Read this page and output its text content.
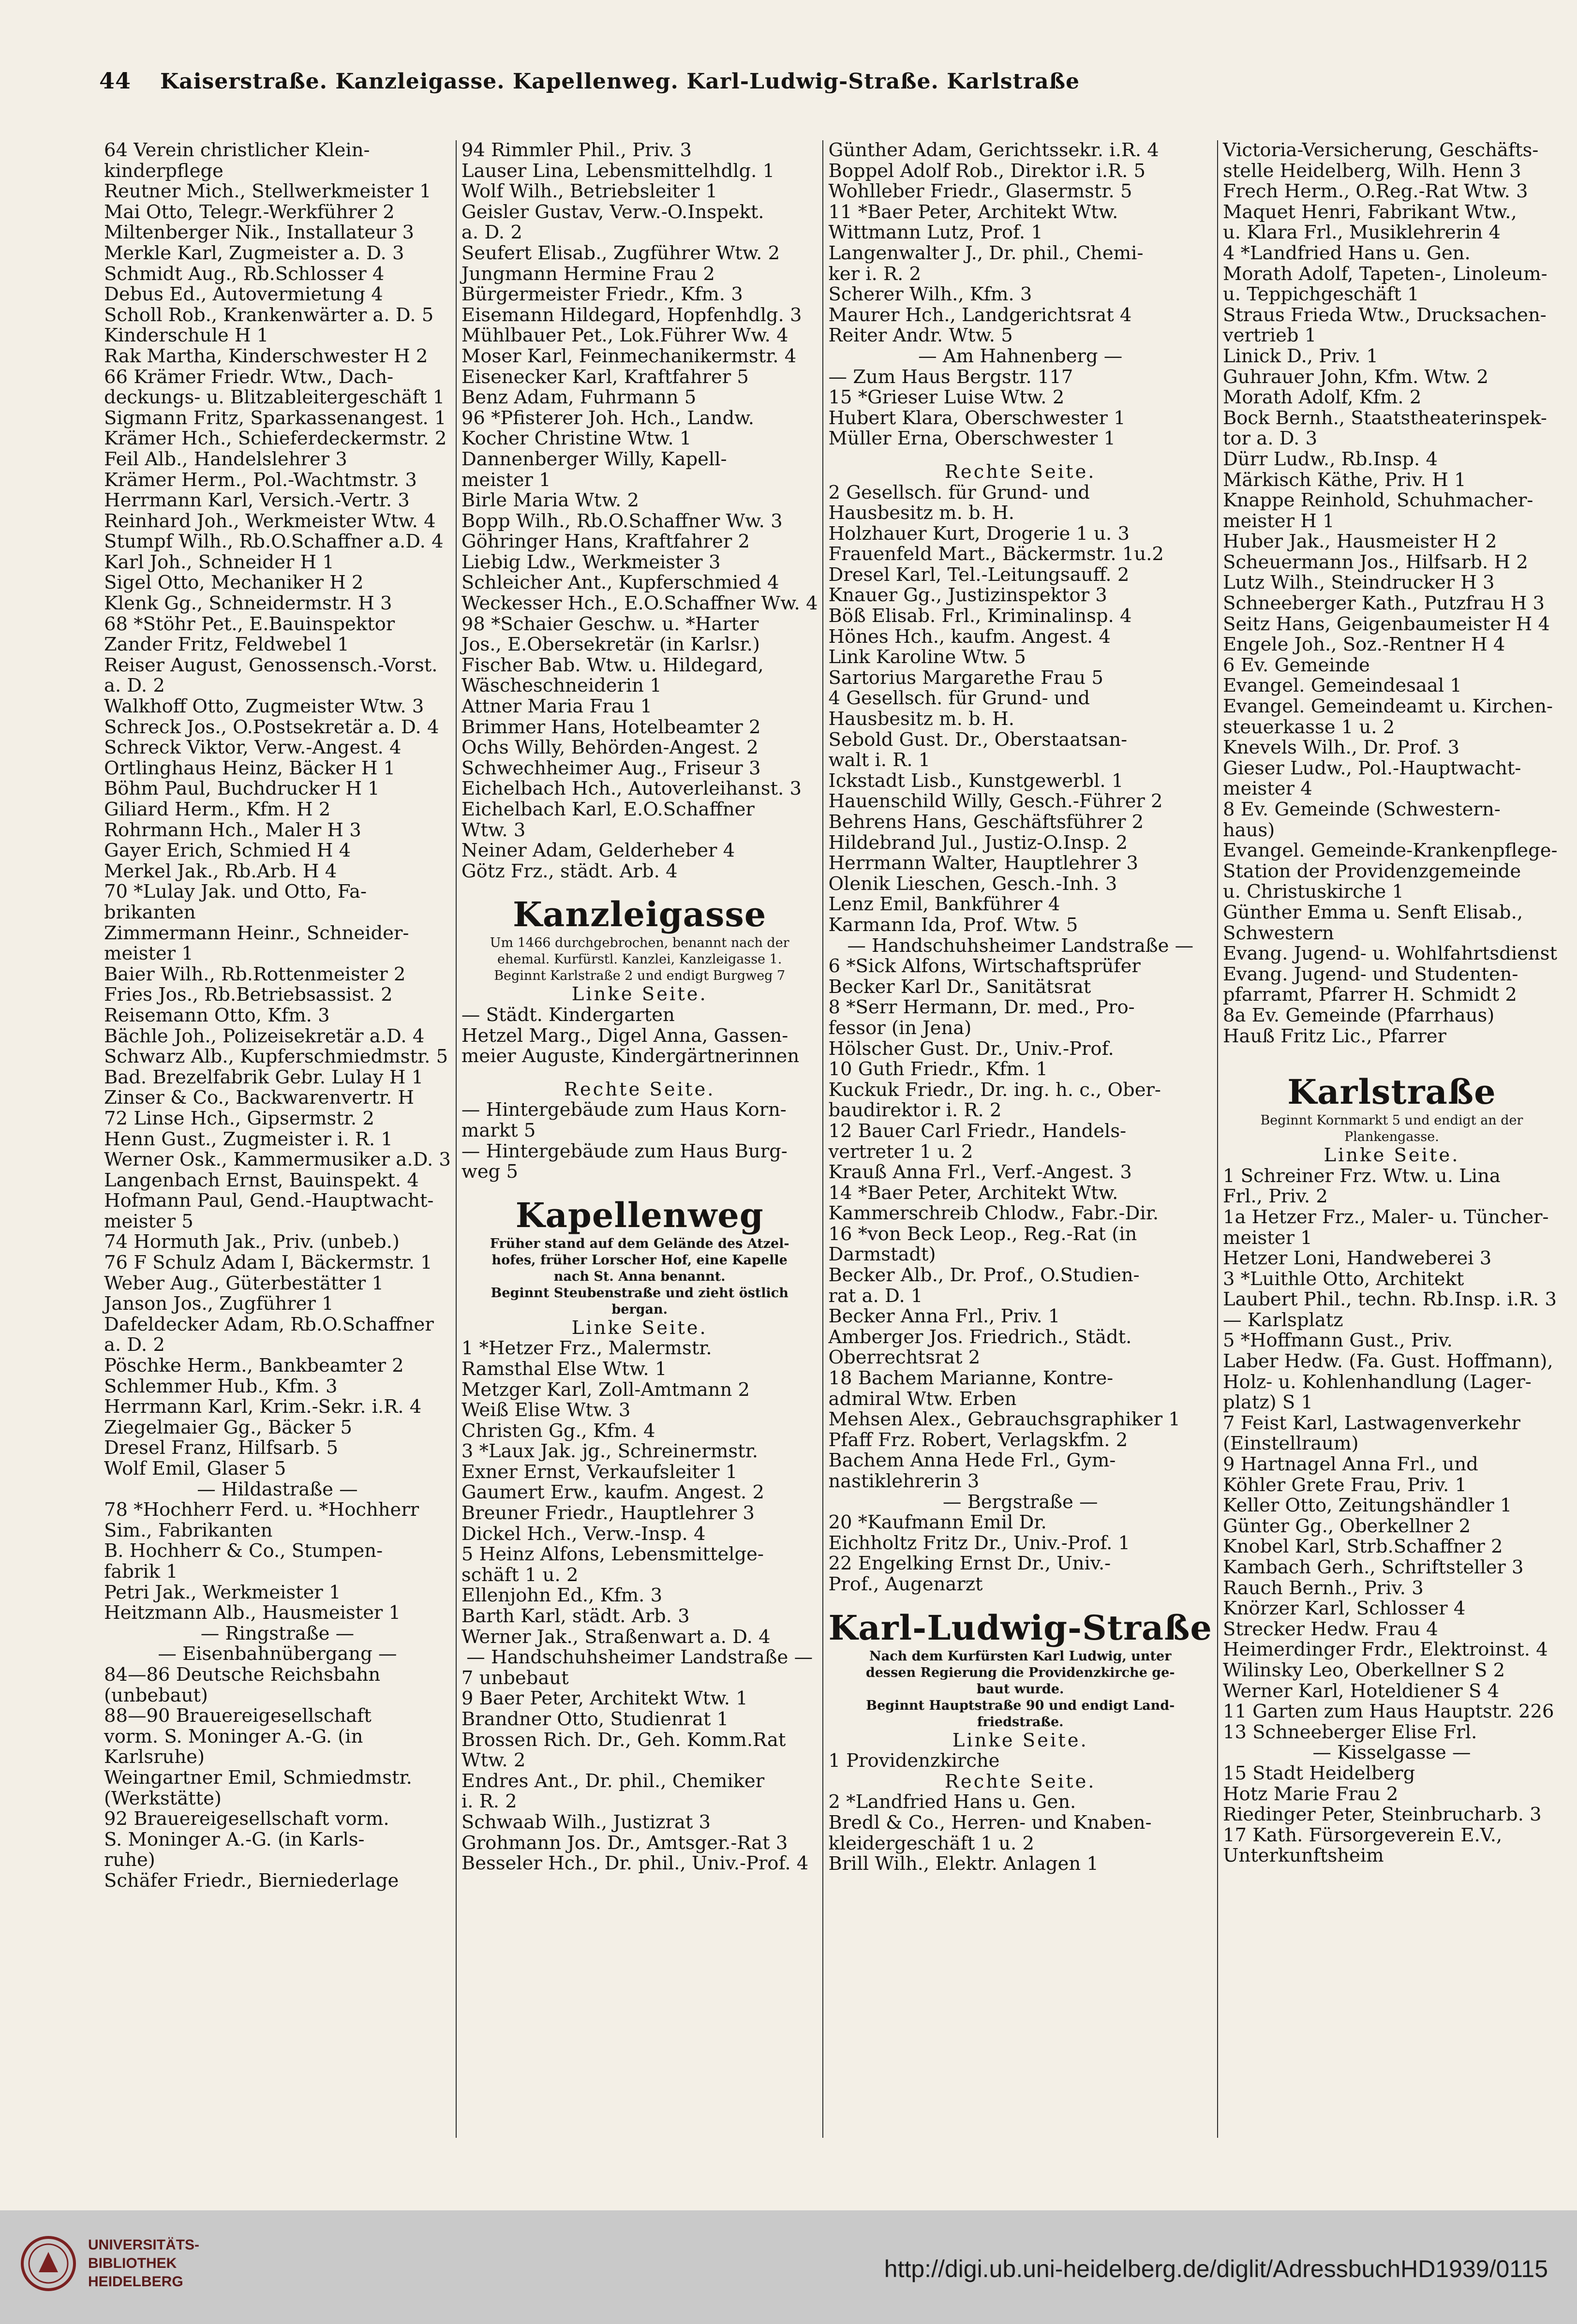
44 Kaiserstraße. Kanzleigasse. Kapellenweg. Karl-Ludwig-Straße. Karlstraße
64 Verein christlicher Klein-
kinderpflege
Reutner Mich., Stellwerkmeister 1
Mai Otto, Telegr.-Werkführer 2
Miltenberger Nik., Installateur 3
Merkle Karl, Zugmeister a. D. 3
Schmidt Aug., Rb.Schlosser 4
Debus Ed., Autovermietung 4
Scholl Rob., Krankenwärter a. D. 5
Kinderschule H 1
Rak Martha, Kinderschwester H 2
66 Krämer Friedr. Wtw., Dach-
deckungs- u. Blitzableitergeschäft 1
Sigmann Fritz, Sparkassenangest. 1
Krämer Hch., Schieferdeckermstr. 2
Feil Alb., Handelslehrer 3
Krämer Herm., Pol.-Wachtmstr. 3
Herrmann Karl, Versich.-Vertr. 3
Reinhard Joh., Werkmeister Wtw. 4
Stumpf Wilh., Rb.O.Schaffner a.D. 4
Karl Joh., Schneider H 1
Sigel Otto, Mechaniker H 2
Klenk Gg., Schneidermstr. H 3
68 *Stöhr Pet., E.Bauinspektor
Zander Fritz, Feldwebel 1
Reiser August, Genossensch.-Vorst.
a. D. 2
Walkhoff Otto, Zugmeister Wtw. 3
Schreck Jos., O.Postsekretär a. D. 4
Schreck Viktor, Verw.-Angest. 4
Ortlinghaus Heinz, Bäcker H 1
Böhm Paul, Buchdrucker H 1
Giliard Herm., Kfm. H 2
Rohrmann Hch., Maler H 3
Gayer Erich, Schmied H 4
Merkel Jak., Rb.Arb. H 4
70 *Lulay Jak. und Otto, Fa-
brikanten
Zimmermann Heinr., Schneider-
meister 1
Baier Wilh., Rb.Rottenmeister 2
Fries Jos., Rb.Betriebsassist. 2
Reisemann Otto, Kfm. 3
Bächle Joh., Polizeisekretär a.D. 4
Schwarz Alb., Kupferschmiedmstr. 5
Bad. Brezelfabrik Gebr. Lulay H 1
Zinser & Co., Backwarenvertr. H
72 Linse Hch., Gipsermstr. 2
Henn Gust., Zugmeister i. R. 1
Werner Osk., Kammermusiker a.D. 3
Langenbach Ernst, Bauinspekt. 4
Hofmann Paul, Gend.-Hauptwacht-
meister 5
74 Hormuth Jak., Priv. (unbeb.)
76 F Schulz Adam I, Bäckermstr. 1
Weber Aug., Güterbestätter 1
Janson Jos., Zugführer 1
Dafeldecker Adam, Rb.O.Schaffner
a. D. 2
Pöschke Herm., Bankbeamter 2
Schlemmer Hub., Kfm. 3
Herrmann Karl, Krim.-Sekr. i.R. 4
Ziegelmaier Gg., Bäcker 5
Dresel Franz, Hilfsarb. 5
Wolf Emil, Glaser 5
— Hildastraße —
78 *Hochherr Ferd. u. *Hochherr
Sim., Fabrikanten
B. Hochherr & Co., Stumpen-
fabrik 1
Petri Jak., Werkmeister 1
Heitzmann Alb., Hausmeister 1
— Ringstraße —
— Eisenbahnübergang —
84—86 Deutsche Reichsbahn
(unbebaut)
88—90 Brauereigesellschaft
vorm. S. Moninger A.-G. (in
Karlsruhe)
Weingartner Emil, Schmiedmstr.
(Werkstätte)
92 Brauereigesellschaft vorm.
S. Moninger A.-G. (in Karls-
ruhe)
Schäfer Friedr., Bierniederlage
94 Rimmler Phil., Priv. 3
Lauser Lina, Lebensmittelhdlg. 1
Wolf Wilh., Betriebsleiter 1
Geisler Gustav, Verw.-O.Inspekt.
a. D. 2
Seufert Elisab., Zugführer Wtw. 2
Jungmann Hermine Frau 2
Bürgermeister Friedr., Kfm. 3
Eisemann Hildegard, Hopfenhdlg. 3
Mühlbauer Pet., Lok.Führer Ww. 4
Moser Karl, Feinmechanikermstr. 4
Eisenecker Karl, Kraftfahrer 5
Benz Adam, Fuhrmann 5
96 *Pfisterer Joh. Hch., Landw.
Kocher Christine Wtw. 1
Dannenberger Willy, Kapell-
meister 1
Birle Maria Wtw. 2
Bopp Wilh., Rb.O.Schaffner Ww. 3
Göhringer Hans, Kraftfahrer 2
Liebig Ldw., Werkmeister 3
Schleicher Ant., Kupferschmied 4
Weckesser Hch., E.O.Schaffner Ww. 4
98 *Schaier Geschw. u. *Harter
Jos., E.Obersekretär (in Karlsr.)
Fischer Bab. Wtw. u. Hildegard,
Wäscheschneiderin 1
Attner Maria Frau 1
Brimmer Hans, Hotelbeamter 2
Ochs Willy, Behörden-Angest. 2
Schwechheimer Aug., Friseur 3
Eichelbach Hch., Autoverleihanst. 3
Eichelbach Karl, E.O.Schaffner
Wtw. 3
Neiner Adam, Gelderheber 4
Götz Frz., städt. Arb. 4
Kanzleigasse
Um 1466 durchgebrochen, benannt nach der
ehemal. Kurfürstl. Kanzlei, Kanzleigasse 1.
Beginnt Karlstraße 2 und endigt Burgweg 7
Linke Seite.
— Städt. Kindergarten
Hetzel Marg., Digel Anna, Gassen-
meier Auguste, Kindergärtnerinnen
Rechte Seite.
— Hintergebäude zum Haus Korn-
markt 5
— Hintergebäude zum Haus Burg-
weg 5
Kapellenweg
Früher stand auf dem Gelände des Atzel-
hofes, früher Lorscher Hof, eine Kapelle
nach St. Anna benannt.
Beginnt Steubenstraße und zieht östlich
bergan.
Linke Seite.
1 *Hetzer Frz., Malermstr.
Ramsthal Else Wtw. 1
Metzger Karl, Zoll-Amtmann 2
Weiß Elise Wtw. 3
Christen Gg., Kfm. 4
3 *Laux Jak. jg., Schreinermstr.
Exner Ernst, Verkaufsleiter 1
Gaumert Erw., kaufm. Angest. 2
Breuner Friedr., Hauptlehrer 3
Dickel Hch., Verw.-Insp. 4
5 Heinz Alfons, Lebensmittelge-
schäft 1 u. 2
Ellenjohn Ed., Kfm. 3
Barth Karl, städt. Arb. 3
Werner Jak., Straßenwart a. D. 4
— Handschuhsheimer Landstraße —
7 unbebaut
9 Baer Peter, Architekt Wtw. 1
Brandner Otto, Studienrat 1
Brossen Rich. Dr., Geh. Komm.Rat
Wtw. 2
Endres Ant., Dr. phil., Chemiker
i. R. 2
Schwaab Wilh., Justizrat 3
Grohmann Jos. Dr., Amtsger.-Rat 3
Besseler Hch., Dr. phil., Univ.-Prof. 4
Günther Adam, Gerichtssekr. i.R. 4
Boppel Adolf Rob., Direktor i.R. 5
Wohlleber Friedr., Glasermstr. 5
11 *Baer Peter, Architekt Wtw.
Wittmann Lutz, Prof. 1
Langenwalter J., Dr. phil., Chemi-
ker i. R. 2
Scherer Wilh., Kfm. 3
Maurer Hch., Landgerichtsrat 4
Reiter Andr. Wtw. 5
— Am Hahnenberg —
— Zum Haus Bergstr. 117
15 *Grieser Luise Wtw. 2
Hubert Klara, Oberschwester 1
Müller Erna, Oberschwester 1
Rechte Seite.
2 Gesellsch. für Grund- und
Hausbesitz m. b. H.
Holzhauer Kurt, Drogerie 1 u. 3
Frauenfeld Mart., Bäckermstr. 1u.2
Dresel Karl, Tel.-Leitungsauff. 2
Knauer Gg., Justizinspektor 3
Böß Elisab. Frl., Kriminalinsp. 4
Hönes Hch., kaufm. Angest. 4
Link Karoline Wtw. 5
Sartorius Margarethe Frau 5
4 Gesellsch. für Grund- und
Hausbesitz m. b. H.
Sebold Gust. Dr., Oberstaatsan-
walt i. R. 1
Ickstadt Lisb., Kunstgewerbl. 1
Hauenschild Willy, Gesch.-Führer 2
Behrens Hans, Geschäftsführer 2
Hildebrand Jul., Justiz-O.Insp. 2
Herrmann Walter, Hauptlehrer 3
Olenik Lieschen, Gesch.-Inh. 3
Lenz Emil, Bankführer 4
Karmann Ida, Prof. Wtw. 5
— Handschuhsheimer Landstraße —
6 *Sick Alfons, Wirtschaftsprüfer
Becker Karl Dr., Sanitätsrat
8 *Serr Hermann, Dr. med., Pro-
fessor (in Jena)
Hölscher Gust. Dr., Univ.-Prof.
10 Guth Friedr., Kfm. 1
Kuckuk Friedr., Dr. ing. h. c., Ober-
baudirektor i. R. 2
12 Bauer Carl Friedr., Handels-
vertreter 1 u. 2
Krauß Anna Frl., Verf.-Angest. 3
14 *Baer Peter, Architekt Wtw.
Kammerschreib Chlodw., Fabr.-Dir.
16 *von Beck Leop., Reg.-Rat (in
Darmstadt)
Becker Alb., Dr. Prof., O.Studien-
rat a. D. 1
Becker Anna Frl., Priv. 1
Amberger Jos. Friedrich., Städt.
Oberrechtsrat 2
18 Bachem Marianne, Kontre-
admiral Wtw. Erben
Mehsen Alex., Gebrauchsgraphiker 1
Pfaff Frz. Robert, Verlagskfm. 2
Bachem Anna Hede Frl., Gym-
nastiklehrerin 3
— Bergstraße —
20 *Kaufmann Emil Dr.
Eichholtz Fritz Dr., Univ.-Prof. 1
22 Engelking Ernst Dr., Univ.-
Prof., Augenarzt
Karl-Ludwig-Straße
Nach dem Kurfürsten Karl Ludwig, unter
dessen Regierung die Providenzkirche ge-
baut wurde.
Beginnt Hauptstraße 90 und endigt Land-
friedstraße.
Linke Seite.
1 Providenzkirche
Rechte Seite.
2 *Landfried Hans u. Gen.
Bredl & Co., Herren- und Knaben-
kleidergeschäft 1 u. 2
Brill Wilh., Elektr. Anlagen 1
Victoria-Versicherung, Geschäfts-
stelle Heidelberg, Wilh. Henn 3
Frech Herm., O.Reg.-Rat Wtw. 3
Maquet Henri, Fabrikant Wtw.,
u. Klara Frl., Musiklehrerin 4
4 *Landfried Hans u. Gen.
Morath Adolf, Tapeten-, Linoleum-
u. Teppichgeschäft 1
Straus Frieda Wtw., Drucksachen-
vertrieb 1
Linick D., Priv. 1
Guhrauer John, Kfm. Wtw. 2
Morath Adolf, Kfm. 2
Bock Bernh., Staatstheaterinspek-
tor a. D. 3
Dürr Ludw., Rb.Insp. 4
Märkisch Käthe, Priv. H 1
Knappe Reinhold, Schuhmacher-
meister H 1
Huber Jak., Hausmeister H 2
Scheuermann Jos., Hilfsarb. H 2
Lutz Wilh., Steindrucker H 3
Schneeberger Kath., Putzfrau H 3
Seitz Hans, Geigenbaumeister H 4
Engele Joh., Soz.-Rentner H 4
6 Ev. Gemeinde
Evangel. Gemeindesaal 1
Evangel. Gemeindeamt u. Kirchen-
steuerkasse 1 u. 2
Knevels Wilh., Dr. Prof. 3
Gieser Ludw., Pol.-Hauptwacht-
meister 4
8 Ev. Gemeinde (Schwestern-
haus)
Evangel. Gemeinde-Krankenpflege-
Station der Providenzgemeinde
u. Christuskirche 1
Günther Emma u. Senft Elisab.,
Schwestern
Evang. Jugend- u. Wohlfahrtsdienst
Evang. Jugend- und Studenten-
pfarramt, Pfarrer H. Schmidt 2
8a Ev. Gemeinde (Pfarrhaus)
Hauß Fritz Lic., Pfarrer
Karlstraße
Beginnt Kornmarkt 5 und endigt an der
Plankengasse.
Linke Seite.
1 Schreiner Frz. Wtw. u. Lina
Frl., Priv. 2
1a Hetzer Frz., Maler- u. Tüncher-
meister 1
Hetzer Loni, Handweberei 3
3 *Luithle Otto, Architekt
Laubert Phil., techn. Rb.Insp. i.R. 3
— Karlsplatz
5 *Hoffmann Gust., Priv.
Laber Hedw. (Fa. Gust. Hoffmann),
Holz- u. Kohlenhandlung (Lager-
platz) S 1
7 Feist Karl, Lastwagenverkehr
(Einstellraum)
9 Hartnagel Anna Frl., und
Köhler Grete Frau, Priv. 1
Keller Otto, Zeitungshändler 1
Günter Gg., Oberkellner 2
Knobel Karl, Strb.Schaffner 2
Kambach Gerh., Schriftsteller 3
Rauch Bernh., Priv. 3
Knörzer Karl, Schlosser 4
Strecker Hedw. Frau 4
Heimerdinger Frdr., Elektroinst. 4
Wilinsky Leo, Oberkellner S 2
Werner Karl, Hoteldiener S 4
11 Garten zum Haus Hauptstr. 226
13 Schneeberger Elise Frl.
— Kisselgasse —
15 Stadt Heidelberg
Hotz Marie Frau 2
Riedinger Peter, Steinbrucharb. 3
17 Kath. Fürsorgeverein E.V.,
Unterkunftsheim
UNIVERSITÄTS-
BIBLIOTHEK
HEIDELBERG	http://digi.ub.uni-heidelberg.de/diglit/AdressbuchHD1939/0115
